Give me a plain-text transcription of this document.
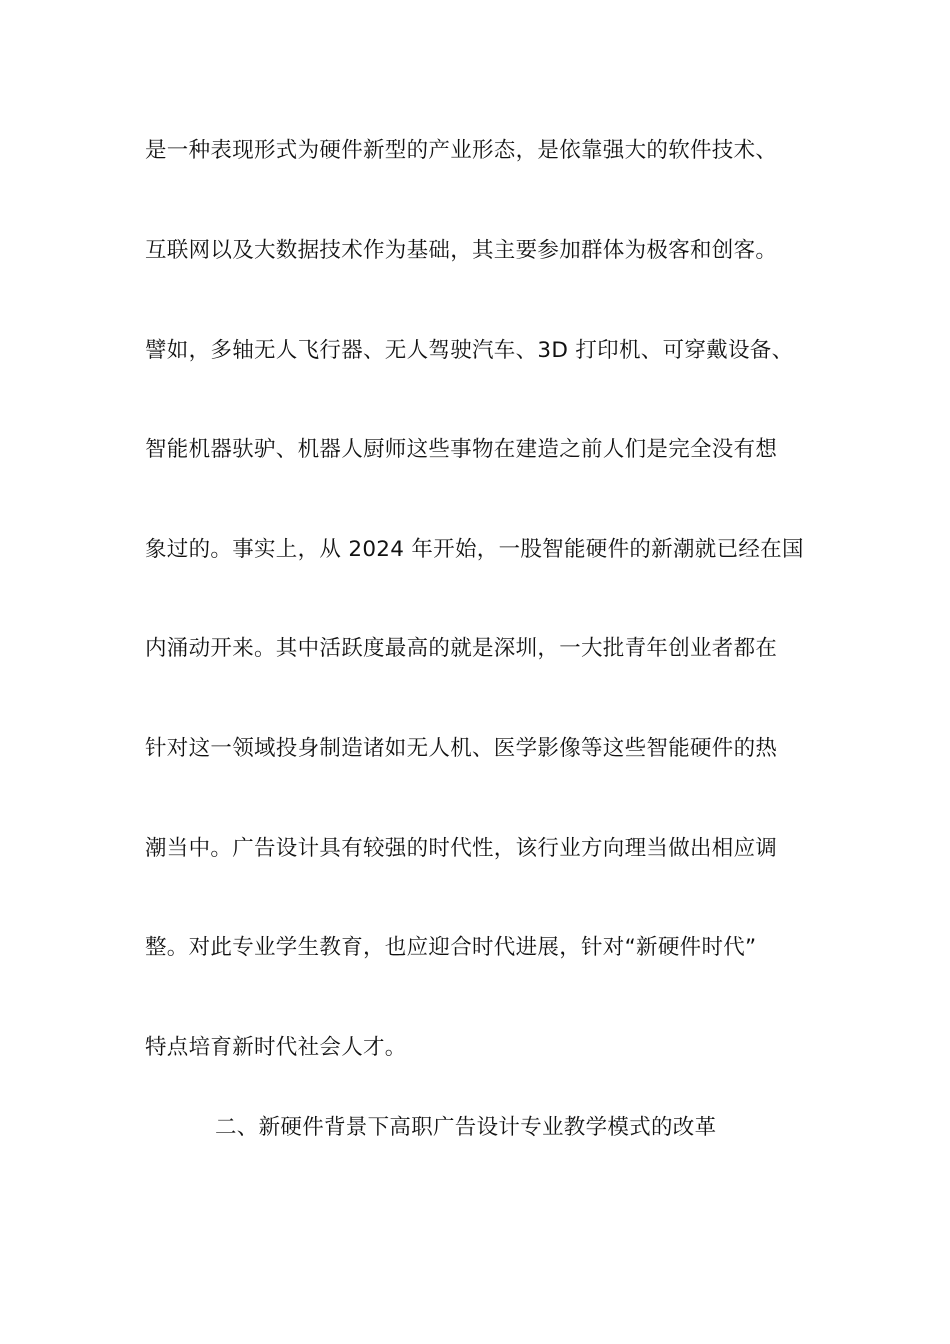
是一种表现形式为硬件新型的产业形态，是依靠强大的软件技术、
互联网以及大数据技术作为基础，其主要参加群体为极客和创客。
譬如，多轴无人飞行器、无人驾驶汽车、3D 打印机、可穿戴设备、
智能机器驮驴、机器人厨师这些事物在建造之前人们是完全没有想
象过的。事实上，从 2024 年开始，一股智能硬件的新潮就已经在国
内涌动开来。其中活跃度最高的就是深圳，一大批青年创业者都在
针对这一领域投身制造诸如无人机、医学影像等这些智能硬件的热
潮当中。广告设计具有较强的时代性，该行业方向理当做出相应调
整。对此专业学生教育，也应迎合时代进展，针对“新硬件时代”
特点培育新时代社会人才。
二、新硬件背景下高职广告设计专业教学模式的改革
